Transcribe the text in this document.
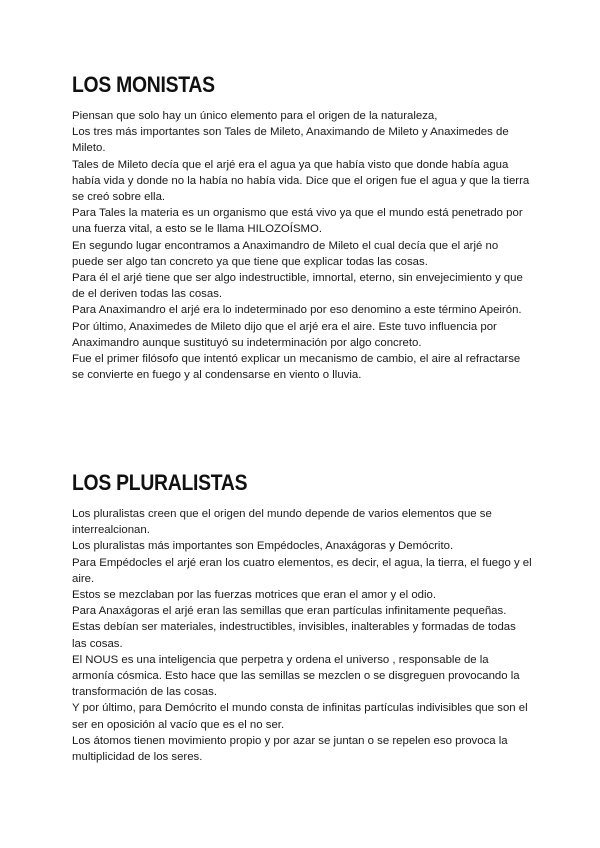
LOS MONISTAS

Piensan que solo hay un único elemento para el origen de la naturaleza,

Los tres más importantes son Tales de Mileto, Anaximando de Mileto y Anaximedes de Mileto.

Tales de Mileto decía que el arjé era el agua ya que había visto que donde había agua había vida y donde no la había no había vida. Dice que el origen fue el agua y que la tierra se creó sobre ella.

Para Tales la materia es un organismo que está vivo ya que el mundo está penetrado por una fuerza vital, a esto se le llama HILOZOÍSMO.

En segundo lugar encontramos a Anaximandro de Mileto el cual decía que el arjé no puede ser algo tan concreto ya que tiene que explicar todas las cosas.

Para él el arjé tiene que ser algo indestructible, imnortal, eterno, sin envejecimiento y que de el deriven todas las cosas.

Para Anaximandro el arjé era lo indeterminado por eso denomino a este término Apeirón.

Por último, Anaximedes de Mileto dijo que el arjé era el aire. Este tuvo influencia por Anaximandro aunque sustituyó su indeterminación por algo concreto.

Fue el primer filósofo que intentó explicar un mecanismo de cambio, el aire al refractarse se convierte en fuego y al condensarse en viento o lluvia.

LOS PLURALISTAS

Los pluralistas creen que el origen del mundo depende de varios elementos que se interrealcionan.

Los pluralistas más importantes son Empédocles, Anaxágoras y Demócrito.

Para Empédocles el arjé eran los cuatro elementos, es decir, el agua, la tierra, el fuego y el aire.

Estos se mezclaban por las fuerzas motrices que eran el amor y el odio.

Para Anaxágoras el arjé eran las semillas que eran partículas infinitamente pequeñas. Estas debían ser materiales, indestructibles, invisibles, inalterables y formadas de todas las cosas.

El NOUS es una inteligencia que perpetra y ordena el universo , responsable de la armonía cósmica. Esto hace que las semillas se mezclen o se disgreguen provocando la transformación de las cosas.

Y por último, para Demócrito el mundo consta de infinitas partículas indivisibles que son el ser en oposición al vacío que es el no ser.

Los átomos tienen movimiento propio y por azar se juntan o se repelen eso provoca la multiplicidad de los seres.
